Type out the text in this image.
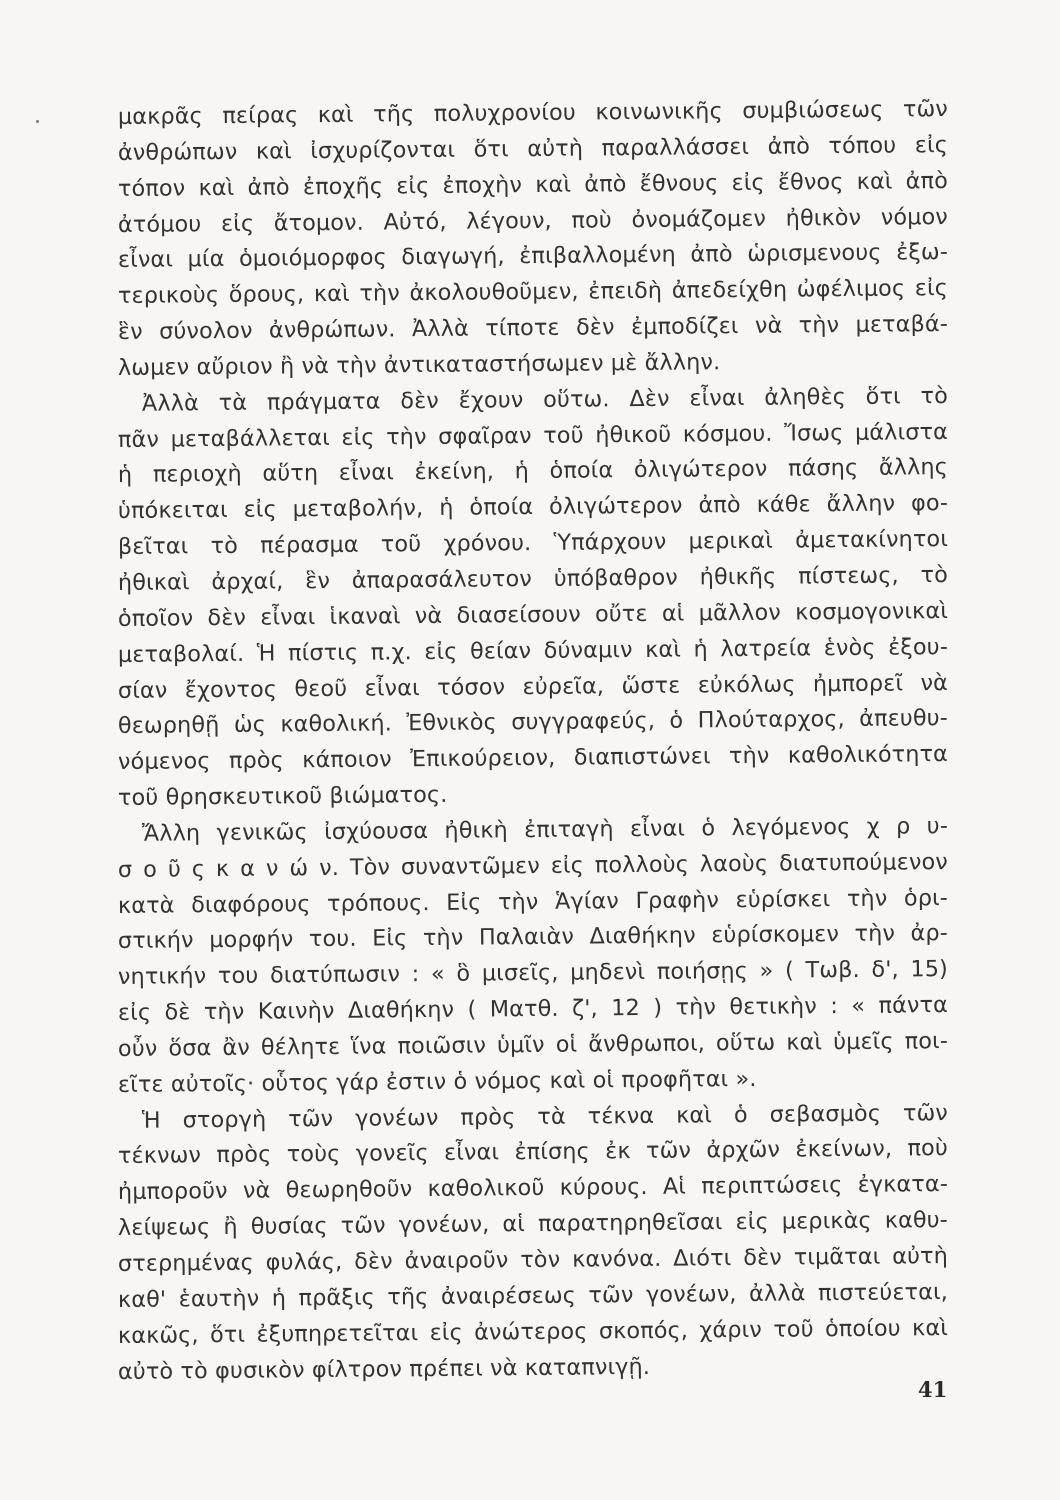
μακρᾶς πείρας καὶ τῆς πολυχρονίου κοινωνικῆς συμβιώσεως τῶν
ἀνθρώπων καὶ ἰσχυρίζονται ὅτι αὐτὴ παραλλάσσει ἀπὸ τόπου εἰς
τόπον καὶ ἀπὸ ἐποχῆς εἰς ἐποχὴν καὶ ἀπὸ ἔθνους εἰς ἔθνος καὶ ἀπὸ
ἀτόμου εἰς ἄτομον. Αὐτό, λέγουν, ποὺ ὀνομάζομεν ἠθικὸν νόμον
εἶναι μία ὁμοιόμορφος διαγωγή, ἐπιβαλλομένη ἀπὸ ὡρισμενους ἐξω-
τερικοὺς ὅρους, καὶ τὴν ἀκολουθοῦμεν, ἐπειδὴ ἀπεδείχθη ὠφέλιμος εἰς
ἓν σύνολον ἀνθρώπων. Ἀλλὰ τίποτε δὲν ἐμποδίζει νὰ τὴν μεταβά-
λωμεν αὔριον ἢ νὰ τὴν ἀντικαταστήσωμεν μὲ ἄλλην.
Ἀλλὰ τὰ πράγματα δὲν ἔχουν οὕτω. Δὲν εἶναι ἀληθὲς ὅτι τὸ
πᾶν μεταβάλλεται εἰς τὴν σφαῖραν τοῦ ἠθικοῦ κόσμου. Ἴσως μάλιστα
ἡ περιοχὴ αὕτη εἶναι ἐκείνη, ἡ ὁποία ὀλιγώτερον πάσης ἄλλης
ὑπόκειται εἰς μεταβολήν, ἡ ὁποία ὀλιγώτερον ἀπὸ κάθε ἄλλην φο-
βεῖται τὸ πέρασμα τοῦ χρόνου. Ὑπάρχουν μερικαὶ ἀμετακίνητοι
ἠθικαὶ ἀρχαί, ἓν ἀπαρασάλευτον ὑπόβαθρον ἠθικῆς πίστεως, τὸ
ὁποῖον δὲν εἶναι ἱκαναὶ νὰ διασείσουν οὔτε αἱ μᾶλλον κοσμογονικαὶ
μεταβολαί. Ἡ πίστις π.χ. εἰς θείαν δύναμιν καὶ ἡ λατρεία ἑνὸς ἐξου-
σίαν ἔχοντος θεοῦ εἶναι τόσον εὐρεῖα, ὥστε εὐκόλως ἠμπορεῖ νὰ
θεωρηθῇ ὡς καθολική. Ἐθνικὸς συγγραφεύς, ὁ Πλούταρχος, ἀπευθυ-
νόμενος πρὸς κάποιον Ἐπικούρειον, διαπιστώνει τὴν καθολικότητα
τοῦ θρησκευτικοῦ βιώματος.
Ἄλλη γενικῶς ἰσχύουσα ἠθικὴ ἐπιταγὴ εἶναι ὁ λεγόμενος χ ρ υ-
σ ο ῦ ς κ α ν ώ ν. Τὸν συναντῶμεν εἰς πολλοὺς λαοὺς διατυπούμενον
κατὰ διαφόρους τρόπους. Εἰς τὴν Ἁγίαν Γραφὴν εὑρίσκει τὴν ὁρι-
στικήν μορφήν του. Εἰς τὴν Παλαιὰν Διαθήκην εὑρίσκομεν τὴν ἀρ-
νητικήν του διατύπωσιν : « ὃ μισεῖς, μηδενὶ ποιήσῃς » ( Τωβ. δ', 15)
εἰς δὲ τὴν Καινὴν Διαθήκην ( Ματθ. ζ', 12 ) τὴν θετικὴν : « πάντα
οὖν ὅσα ἂν θέλητε ἵνα ποιῶσιν ὑμῖν οἱ ἄνθρωποι, οὕτω καὶ ὑμεῖς ποι-
εῖτε αὐτοῖς· οὗτος γάρ ἐστιν ὁ νόμος καὶ οἱ προφῆται ».
Ἡ στοργὴ τῶν γονέων πρὸς τὰ τέκνα καὶ ὁ σεβασμὸς τῶν
τέκνων πρὸς τοὺς γονεῖς εἶναι ἐπίσης ἐκ τῶν ἀρχῶν ἐκείνων, ποὺ
ἠμποροῦν νὰ θεωρηθοῦν καθολικοῦ κύρους. Αἱ περιπτώσεις ἐγκατα-
λείψεως ἢ θυσίας τῶν γονέων, αἱ παρατηρηθεῖσαι εἰς μερικὰς καθυ-
στερημένας φυλάς, δὲν ἀναιροῦν τὸν κανόνα. Διότι δὲν τιμᾶται αὐτὴ
καθ' ἑαυτὴν ἡ πρᾶξις τῆς ἀναιρέσεως τῶν γονέων, ἀλλὰ πιστεύεται,
κακῶς, ὅτι ἐξυπηρετεῖται εἰς ἀνώτερος σκοπός, χάριν τοῦ ὁποίου καὶ
αὐτὸ τὸ φυσικὸν φίλτρον πρέπει νὰ καταπνιγῇ.
41
